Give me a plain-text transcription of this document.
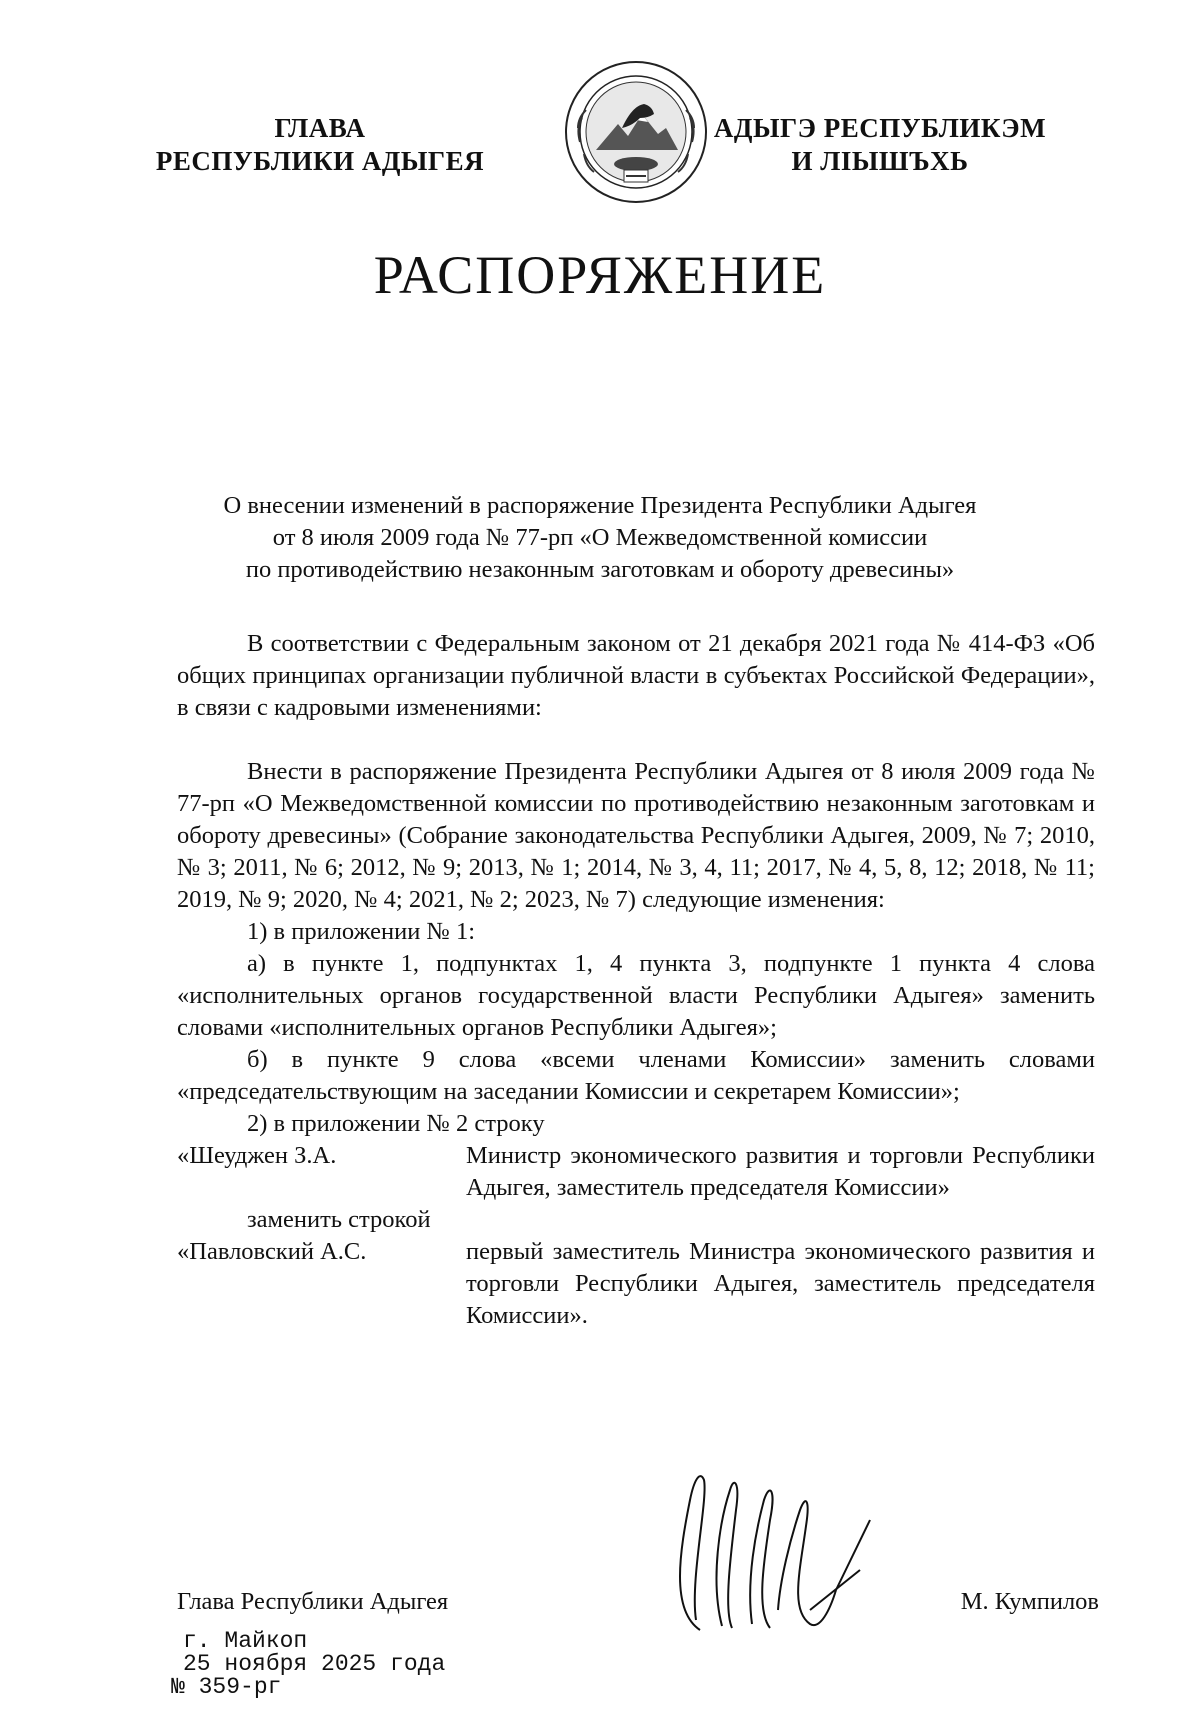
ГЛАВА
РЕСПУБЛИКИ АДЫГЕЯ
АДЫГЭ РЕСПУБЛИКЭМ
И ЛІЫШЪХЬ
РАСПОРЯЖЕНИЕ
О внесении изменений в распоряжение Президента Республики Адыгея
от 8 июля 2009 года № 77-рп «О Межведомственной комиссии
по противодействию незаконным заготовкам и обороту древесины»

В соответствии с Федеральным законом от 21 декабря 2021 года № 414-ФЗ «Об общих принципах организации публичной власти в субъектах Российской Федерации», в связи с кадровыми изменениями:

Внести в распоряжение Президента Республики Адыгея от 8 июля 2009 года № 77-рп «О Межведомственной комиссии по противодействию незаконным заготовкам и обороту древесины» (Собрание законодательства Республики Адыгея, 2009, № 7; 2010, № 3; 2011, № 6; 2012, № 9; 2013, № 1; 2014, № 3, 4, 11; 2017, № 4, 5, 8, 12; 2018, № 11; 2019, № 9; 2020, № 4; 2021, № 2; 2023, № 7) следующие изменения:

1) в приложении № 1:

а) в пункте 1, подпунктах 1, 4 пункта 3, подпункте 1 пункта 4 слова «исполнительных органов государственной власти Республики Адыгея» заменить словами «исполнительных органов Республики Адыгея»;

б) в пункте 9 слова «всеми членами Комиссии» заменить словами «председательствующим на заседании Комиссии и секретарем Комиссии»;

2) в приложении № 2 строку

«Шеуджен З.А.	Министр экономического развития и торговли Республики Адыгея, заместитель председателя Комиссии»

заменить строкой

«Павловский А.С.	первый заместитель Министра экономического развития и торговли Республики Адыгея, заместитель председателя Комиссии».
Глава Республики Адыгея	М. Кумпилов
г. Майкоп
25 ноября 2025 года
№ 359-рг
